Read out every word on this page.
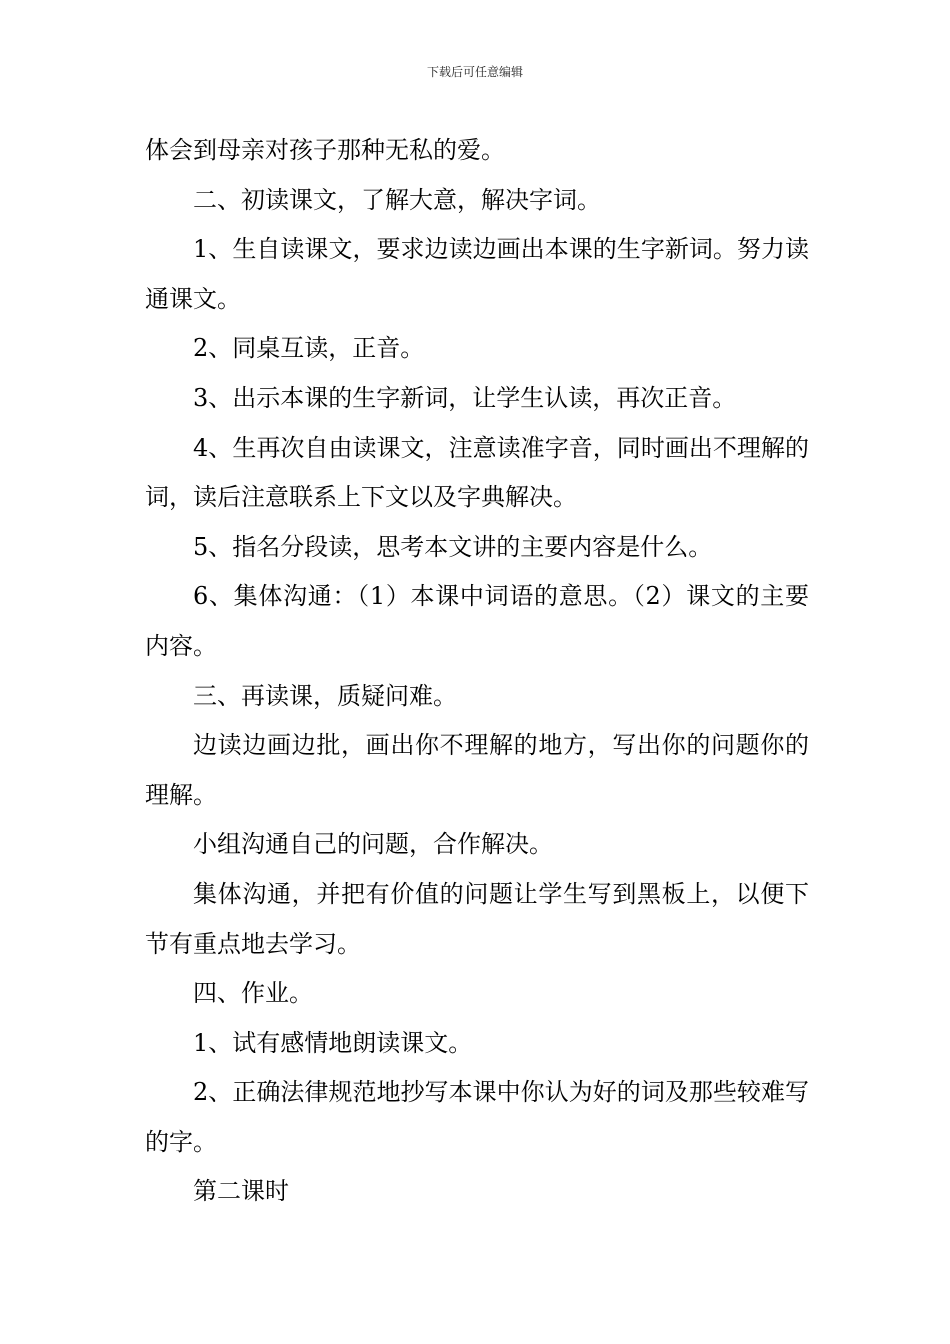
下载后可任意编辑

体会到母亲对孩子那种无私的爱。

二、初读课文，了解大意，解决字词。

1、生自读课文，要求边读边画出本课的生字新词。努力读通课文。

2、同桌互读，正音。

3、出示本课的生字新词，让学生认读，再次正音。

4、生再次自由读课文，注意读准字音，同时画出不理解的词，读后注意联系上下文以及字典解决。

5、指名分段读，思考本文讲的主要内容是什么。

6、集体沟通：（1）本课中词语的意思。（2）课文的主要内容。

三、再读课，质疑问难。

边读边画边批，画出你不理解的地方，写出你的问题你的理解。

小组沟通自己的问题，合作解决。

集体沟通，并把有价值的问题让学生写到黑板上，以便下节有重点地去学习。

四、作业。

1、试有感情地朗读课文。

2、正确法律规范地抄写本课中你认为好的词及那些较难写的字。

第二课时
